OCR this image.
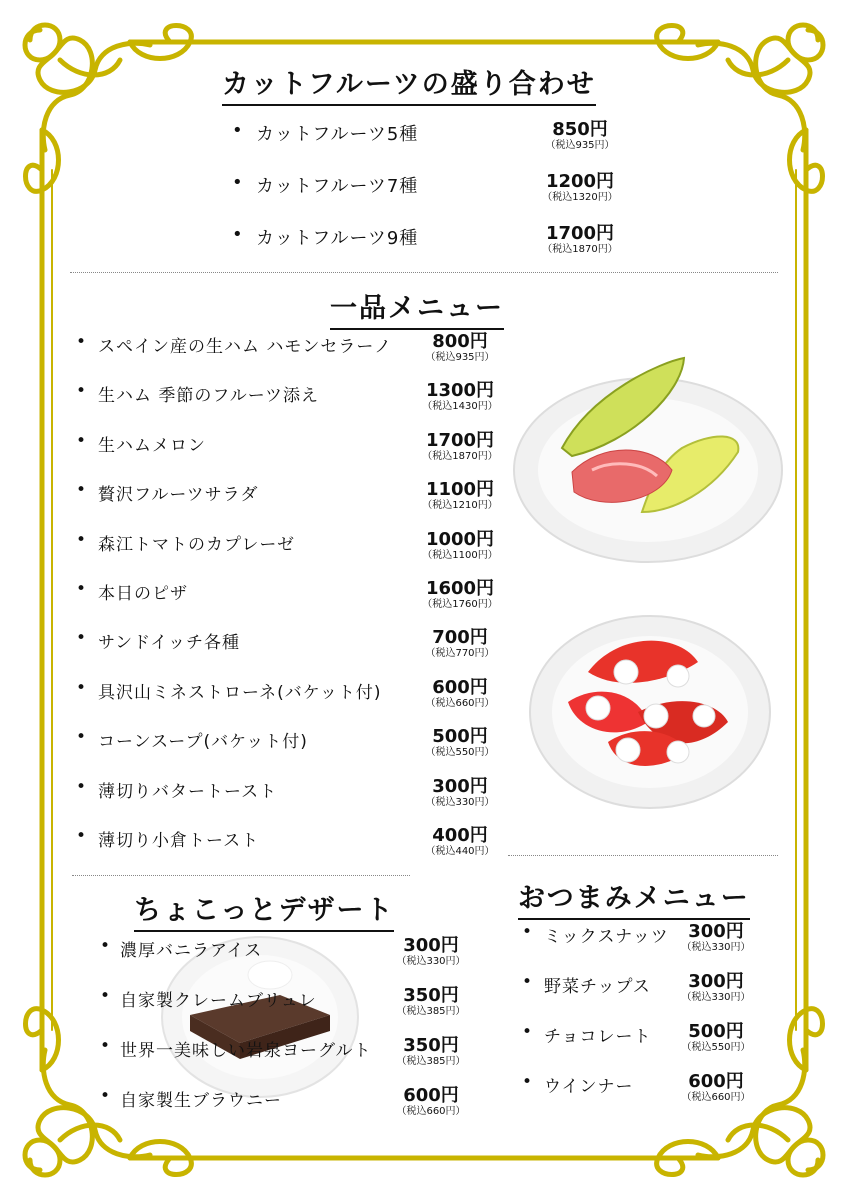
カットフルーツの盛り合わせ
• カットフルーツ5種	850円
（税込935円）
• カットフルーツ7種	1200円
（税込1320円）
• カットフルーツ9種	1700円
（税込1870円）
一品メニュー
• スペイン産の生ハム ハモンセラーノ	800円
（税込935円）
• 生ハム 季節のフルーツ添え	1300円
（税込1430円）
• 生ハムメロン	1700円
（税込1870円）
• 贅沢フルーツサラダ	1100円
（税込1210円）
• 森江トマトのカプレーゼ	1000円
（税込1100円）
• 本日のピザ	1600円
（税込1760円）
• サンドイッチ各種	700円
（税込770円）
• 具沢山ミネストローネ(バケット付)	600円
（税込660円）
• コーンスープ(バケット付)	500円
（税込550円）
• 薄切りバタートースト	300円
（税込330円）
• 薄切り小倉トースト	400円
（税込440円）
ちょこっとデザート
• 濃厚バニラアイス	300円
（税込330円）
• 自家製クレームブリュレ	350円
（税込385円）
• 世界一美味しい岩泉ヨーグルト	350円
（税込385円）
• 自家製生ブラウニー	600円
（税込660円）
おつまみメニュー
• ミックスナッツ	300円
（税込330円）
• 野菜チップス	300円
（税込330円）
• チョコレート	500円
（税込550円）
• ウインナー	600円
（税込660円）
